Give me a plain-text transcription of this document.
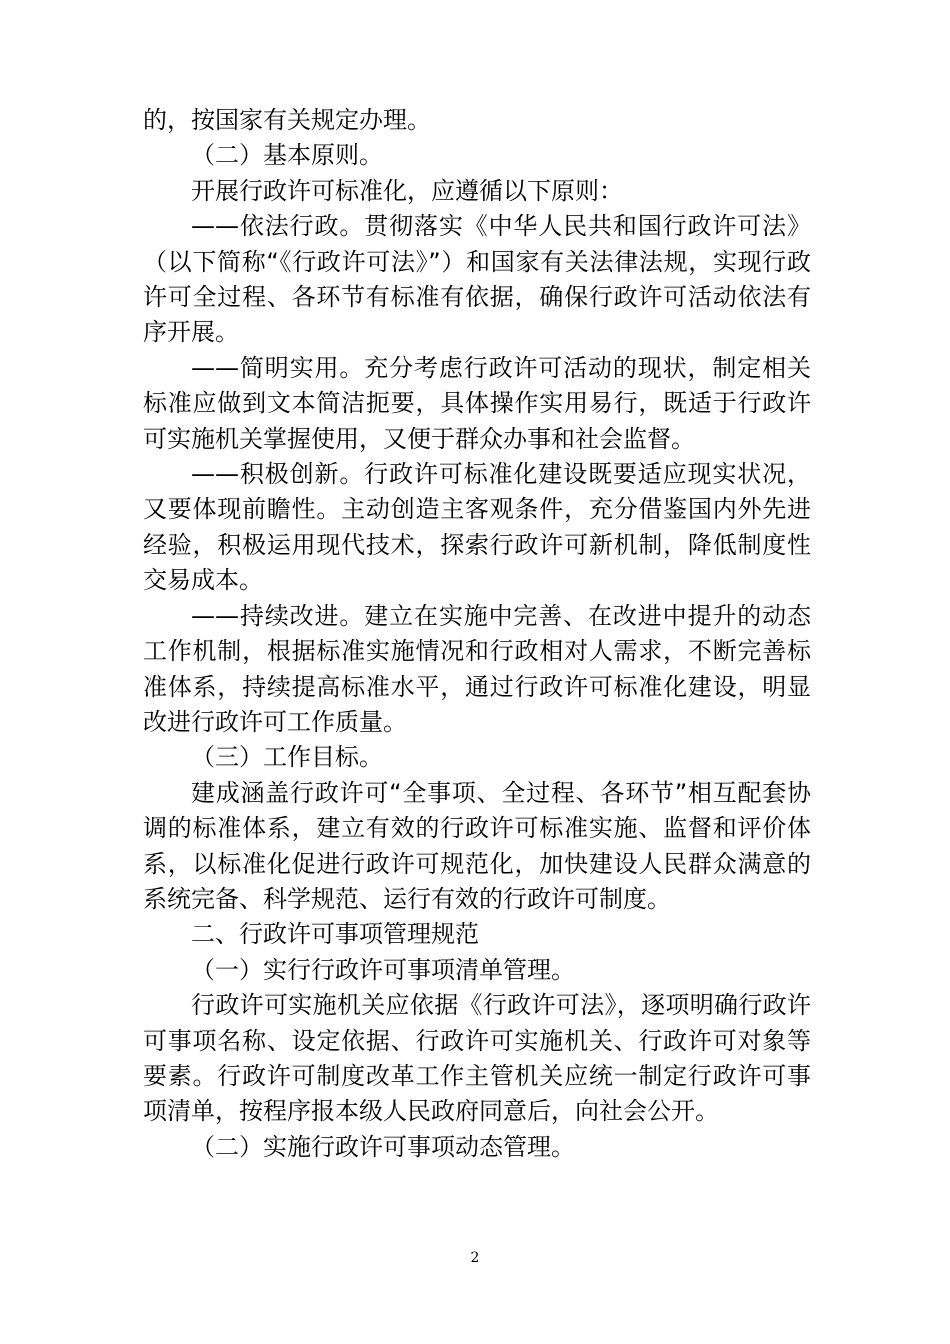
的，按国家有关规定办理。

（二）基本原则。

开展行政许可标准化，应遵循以下原则：

——依法行政。贯彻落实《中华人民共和国行政许可法》（以下简称“《行政许可法》”）和国家有关法律法规，实现行政许可全过程、各环节有标准有依据，确保行政许可活动依法有序开展。

——简明实用。充分考虑行政许可活动的现状，制定相关标准应做到文本简洁扼要，具体操作实用易行，既适于行政许可实施机关掌握使用，又便于群众办事和社会监督。

——积极创新。行政许可标准化建设既要适应现实状况，又要体现前瞻性。主动创造主客观条件，充分借鉴国内外先进经验，积极运用现代技术，探索行政许可新机制，降低制度性交易成本。

——持续改进。建立在实施中完善、在改进中提升的动态工作机制，根据标准实施情况和行政相对人需求，不断完善标准体系，持续提高标准水平，通过行政许可标准化建设，明显改进行政许可工作质量。

（三）工作目标。

建成涵盖行政许可“全事项、全过程、各环节”相互配套协调的标准体系，建立有效的行政许可标准实施、监督和评价体系，以标准化促进行政许可规范化，加快建设人民群众满意的系统完备、科学规范、运行有效的行政许可制度。

二、行政许可事项管理规范

（一）实行行政许可事项清单管理。

行政许可实施机关应依据《行政许可法》，逐项明确行政许可事项名称、设定依据、行政许可实施机关、行政许可对象等要素。行政许可制度改革工作主管机关应统一制定行政许可事项清单，按程序报本级人民政府同意后，向社会公开。

（二）实施行政许可事项动态管理。

2
